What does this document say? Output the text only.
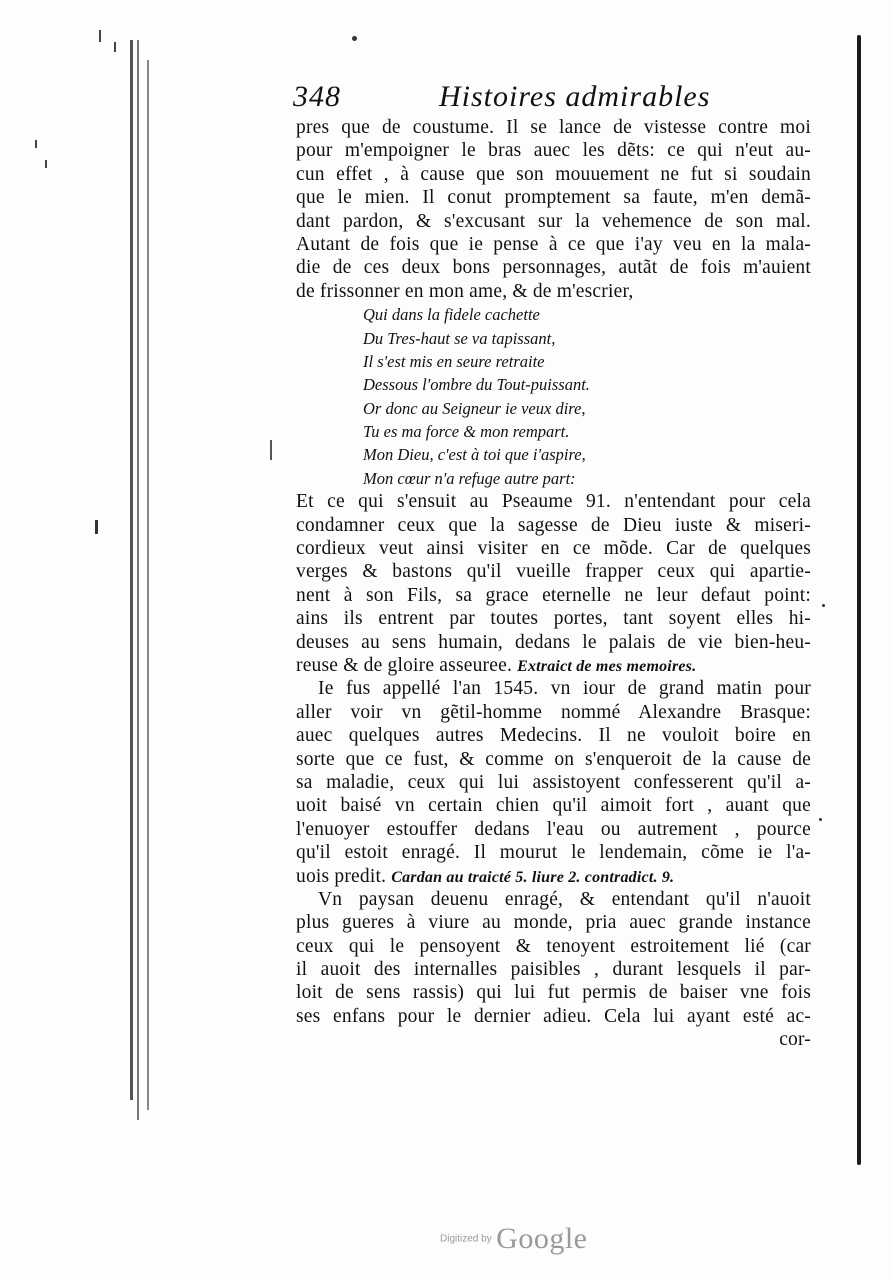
348	Histoires admirables
pres que de coustume. Il se lance de vistesse contre moi
pour m'empoigner le bras auec les dẽts: ce qui n'eut au-
cun effet , à cause que son mouuement ne fut si soudain
que le mien. Il conut promptement sa faute, m'en demã-
dant pardon, & s'excusant sur la vehemence de son mal.
Autant de fois que ie pense à ce que i'ay veu en la mala-
die de ces deux bons personnages, autãt de fois m'auient
de frissonner en mon ame, & de m'escrier,
Qui dans la fidele cachette
Du Tres-haut se va tapissant,
Il s'est mis en seure retraite
Dessous l'ombre du Tout-puissant.
Or donc au Seigneur ie veux dire,
Tu es ma force & mon rempart.
Mon Dieu, c'est à toi que i'aspire,
Mon cœur n'a refuge autre part:
Et ce qui s'ensuit au Pseaume 91. n'entendant pour cela
condamner ceux que la sagesse de Dieu iuste & miseri-
cordieux veut ainsi visiter en ce mõde. Car de quelques
verges & bastons qu'il vueille frapper ceux qui apartie-
nent à son Fils, sa grace eternelle ne leur defaut point:
ains ils entrent par toutes portes, tant soyent elles hi-
deuses au sens humain, dedans le palais de vie bien-heu-
reuse & de gloire asseuree. Extraict de mes memoires.
Ie fus appellé l'an 1545. vn iour de grand matin pour
aller voir vn gẽtil-homme nommé Alexandre Brasque:
auec quelques autres Medecins. Il ne vouloit boire en
sorte que ce fust, & comme on s'enqueroit de la cause de
sa maladie, ceux qui lui assistoyent confesserent qu'il a-
uoit baisé vn certain chien qu'il aimoit fort , auant que
l'enuoyer estouffer dedans l'eau ou autrement , pource
qu'il estoit enragé. Il mourut le lendemain, cõme ie l'a-
uois predit. Cardan au traicté 5. liure 2. contradict. 9.
Vn paysan deuenu enragé, & entendant qu'il n'auoit
plus gueres à viure au monde, pria auec grande instance
ceux qui le pensoyent & tenoyent estroitement lié (car
il auoit des internalles paisibles , durant lesquels il par-
loit de sens rassis) qui lui fut permis de baiser vne fois
ses enfans pour le dernier adieu. Cela lui ayant esté ac-
cor-
Digitized by Google
